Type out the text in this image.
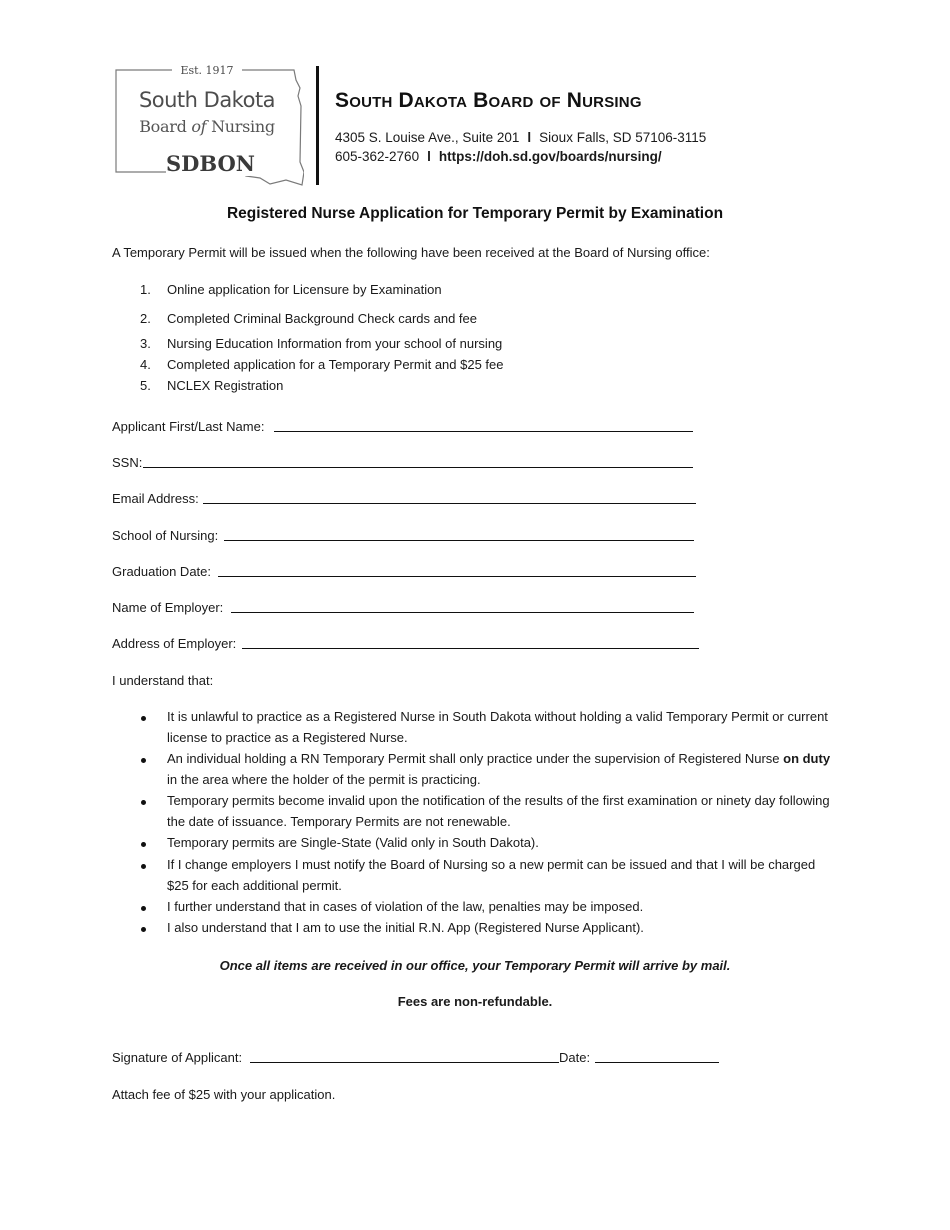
Est. 1917
South Dakota
Board of Nursing
SDBON
South Dakota Board of Nursing
4305 S. Louise Ave., Suite 201 l Sioux Falls, SD 57106-3115
605-362-2760 l https://doh.sd.gov/boards/nursing/
Registered Nurse Application for Temporary Permit by Examination
A Temporary Permit will be issued when the following have been received at the Board of Nursing office:
1. Online application for Licensure by Examination
2. Completed Criminal Background Check cards and fee
3. Nursing Education Information from your school of nursing
4. Completed application for a Temporary Permit and $25 fee
5. NCLEX Registration
Applicant First/Last Name:
SSN:
Email Address:
School of Nursing:
Graduation Date:
Name of Employer:
Address of Employer:
I understand that:
It is unlawful to practice as a Registered Nurse in South Dakota without holding a valid Temporary Permit or current license to practice as a Registered Nurse.
An individual holding a RN Temporary Permit shall only practice under the supervision of Registered Nurse on duty in the area where the holder of the permit is practicing.
Temporary permits become invalid upon the notification of the results of the first examination or ninety day following the date of issuance. Temporary Permits are not renewable.
Temporary permits are Single-State (Valid only in South Dakota).
If I change employers I must notify the Board of Nursing so a new permit can be issued and that I will be charged $25 for each additional permit.
I further understand that in cases of violation of the law, penalties may be imposed.
I also understand that I am to use the initial R.N. App (Registered Nurse Applicant).
Once all items are received in our office, your Temporary Permit will arrive by mail.
Fees are non-refundable.
Signature of Applicant:	Date:
Attach fee of $25 with your application.
